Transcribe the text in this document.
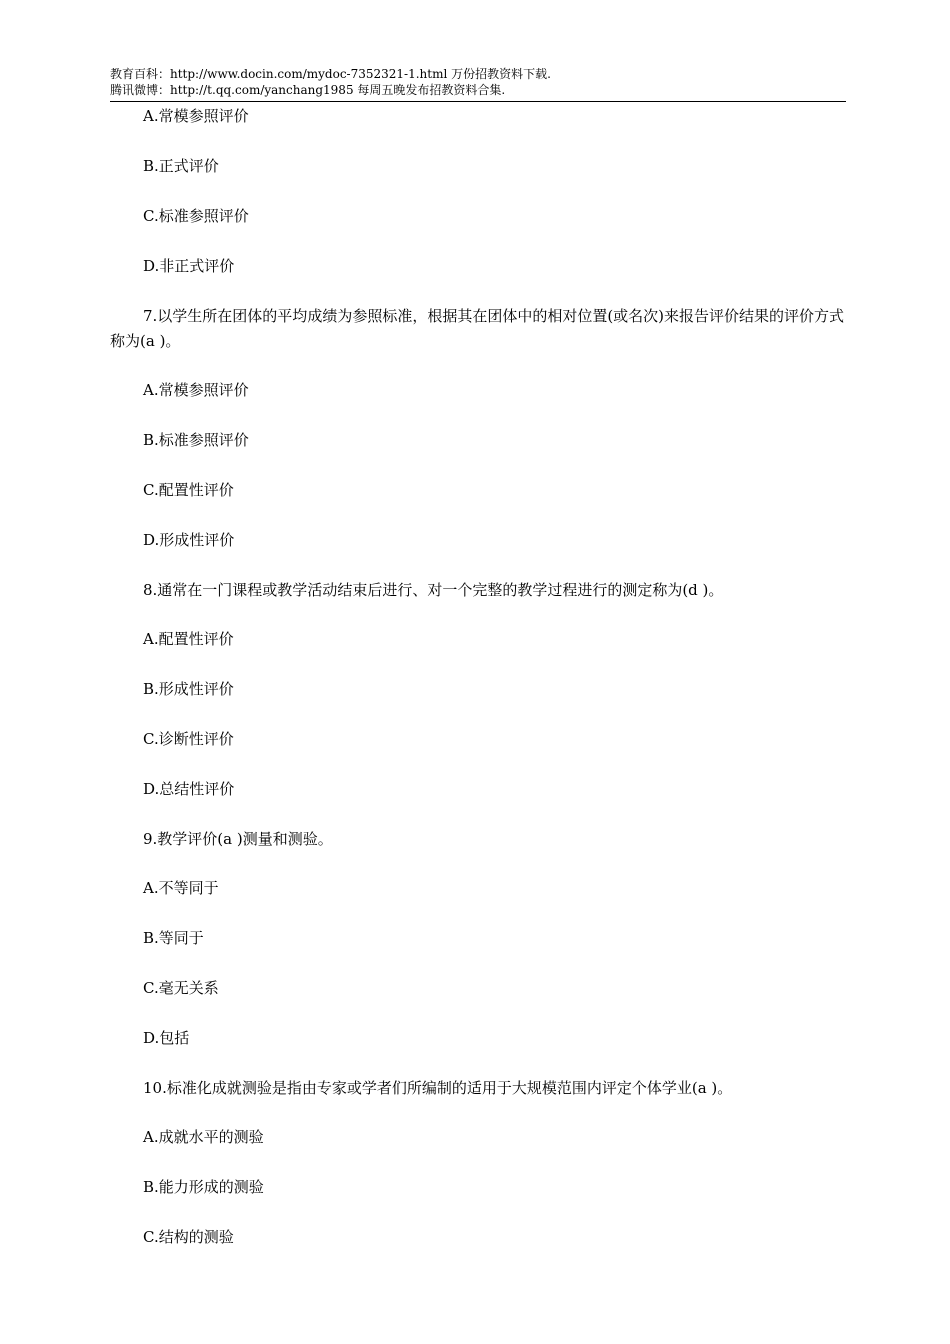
教育百科：http://www.docin.com/mydoc-7352321-1.html 万份招教资料下载.
腾讯微博：http://t.qq.com/yanchang1985 每周五晚发布招教资料合集.
A.常模参照评价
B.正式评价
C.标准参照评价
D.非正式评价
7.以学生所在团体的平均成绩为参照标准，根据其在团体中的相对位置(或名次)来报告评价结果的评价方式称为(a )。
A.常模参照评价
B.标准参照评价
C.配置性评价
D.形成性评价
8.通常在一门课程或教学活动结束后进行、对一个完整的教学过程进行的测定称为(d )。
A.配置性评价
B.形成性评价
C.诊断性评价
D.总结性评价
9.教学评价(a )测量和测验。
A.不等同于
B.等同于
C.毫无关系
D.包括
10.标准化成就测验是指由专家或学者们所编制的适用于大规模范围内评定个体学业(a )。
A.成就水平的测验
B.能力形成的测验
C.结构的测验
